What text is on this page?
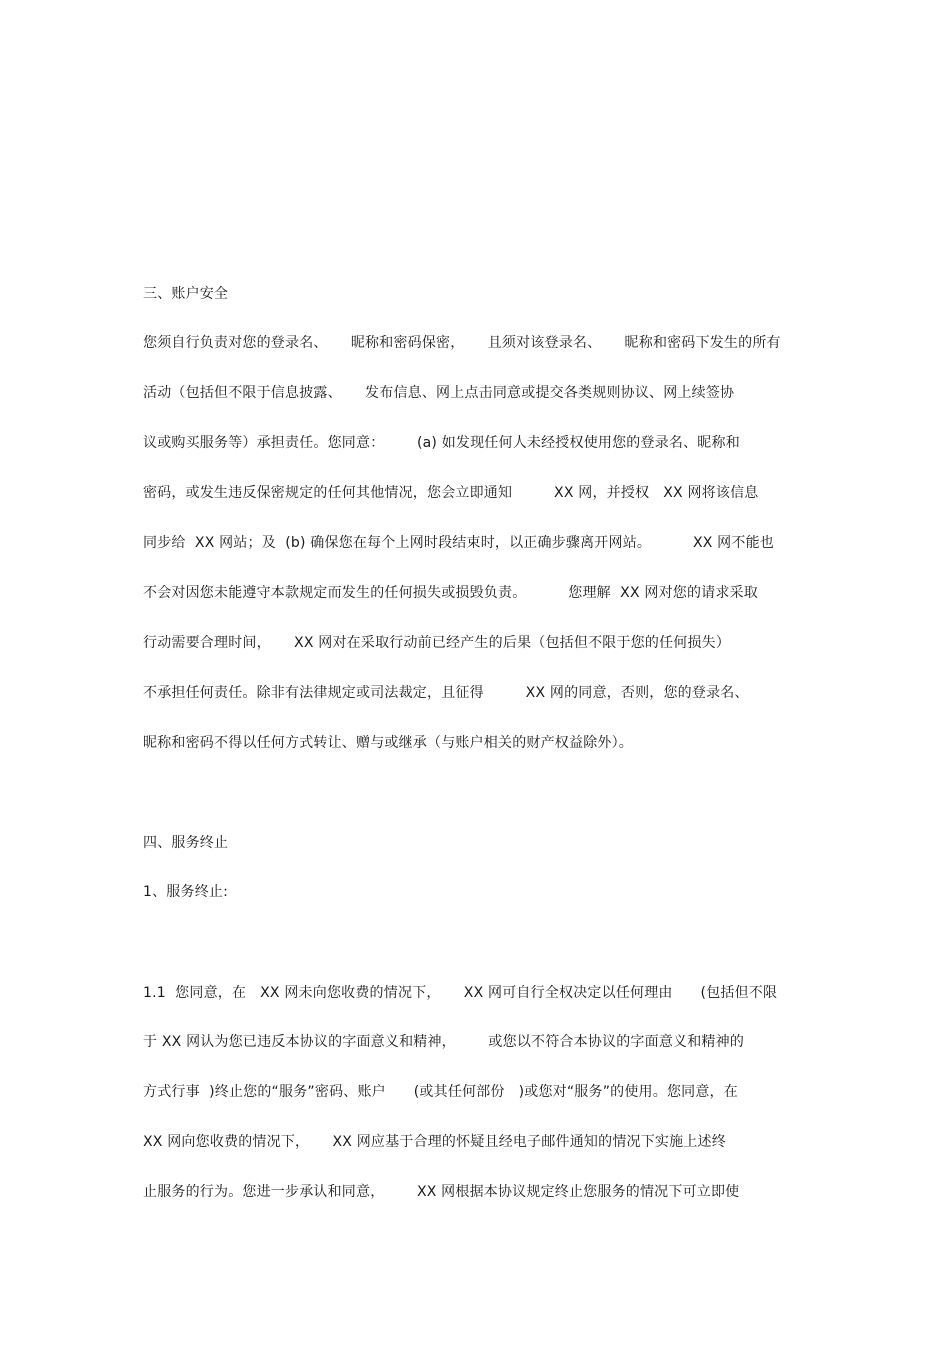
三、账户安全
您须自行负责对您的登录名、     昵称和密码保密，     且须对该登录名、     昵称和密码下发生的所有
活动（包括但不限于信息披露、     发布信息、网上点击同意或提交各类规则协议、网上续签协
议或购买服务等）承担责任。您同意：       (a) 如发现任何人未经授权使用您的登录名、昵称和
密码，或发生违反保密规定的任何其他情况，您会立即通知         XX 网，并授权   XX 网将该信息
同步给  XX 网站；及  (b) 确保您在每个上网时段结束时，以正确步骤离开网站。         XX 网不能也
不会对因您未能遵守本款规定而发生的任何损失或损毁负责。         您理解  XX 网对您的请求采取
行动需要合理时间，     XX 网对在采取行动前已经产生的后果（包括但不限于您的任何损失）
不承担任何责任。除非有法律规定或司法裁定，且征得         XX 网的同意，否则，您的登录名、
昵称和密码不得以任何方式转让、赠与或继承（与账户相关的财产权益除外）。
四、服务终止
1、服务终止:
1.1  您同意，在   XX 网未向您收费的情况下，     XX 网可自行全权决定以任何理由      (包括但不限
于 XX 网认为您已违反本协议的字面意义和精神，       或您以不符合本协议的字面意义和精神的
方式行事  )终止您的“服务”密码、账户      (或其任何部份   )或您对“服务”的使用。您同意，在
XX 网向您收费的情况下，     XX 网应基于合理的怀疑且经电子邮件通知的情况下实施上述终
止服务的行为。您进一步承认和同意，       XX 网根据本协议规定终止您服务的情况下可立即使
